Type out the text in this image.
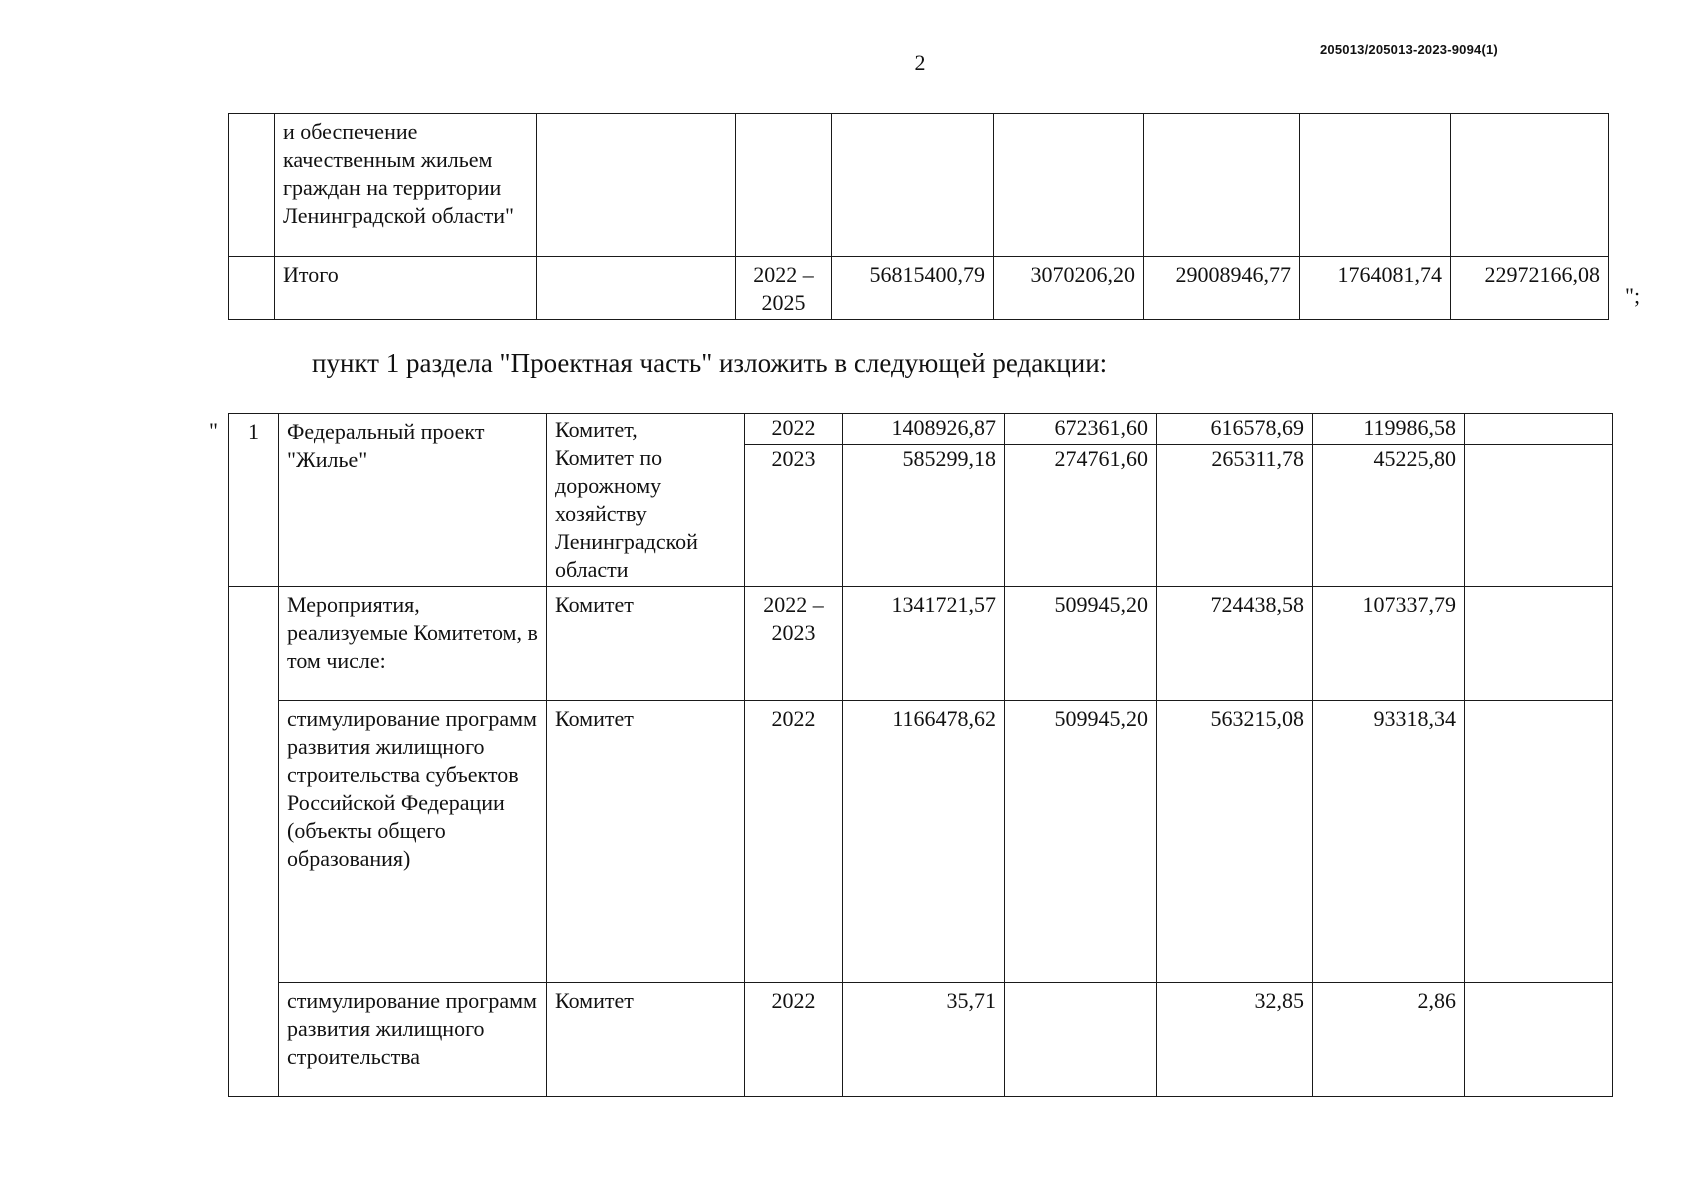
2
205013/205013-2023-9094(1)
	и обеспечение качественным жильем граждан на территории Ленинградской области"							
	Итого		2022 – 2025	56815400,79	3070206,20	29008946,77	1764081,74	22972166,08
";
пункт 1 раздела "Проектная часть" изложить в следующей редакции:
" 1	Федеральный проект "Жилье"	Комитет,
Комитет по дорожному хозяйству Ленинградской области	2022	1408926,87	672361,60	616578,69	119986,58	
			2023	585299,18	274761,60	265311,78	45225,80	
	Мероприятия, реализуемые Комитетом, в том числе:	Комитет	2022 – 2023	1341721,57	509945,20	724438,58	107337,79	
	стимулирование программ развития жилищного строительства субъектов Российской Федерации (объекты общего образования)	Комитет	2022	1166478,62	509945,20	563215,08	93318,34	
	стимулирование программ развития жилищного строительства	Комитет	2022	35,71		32,85	2,86	
